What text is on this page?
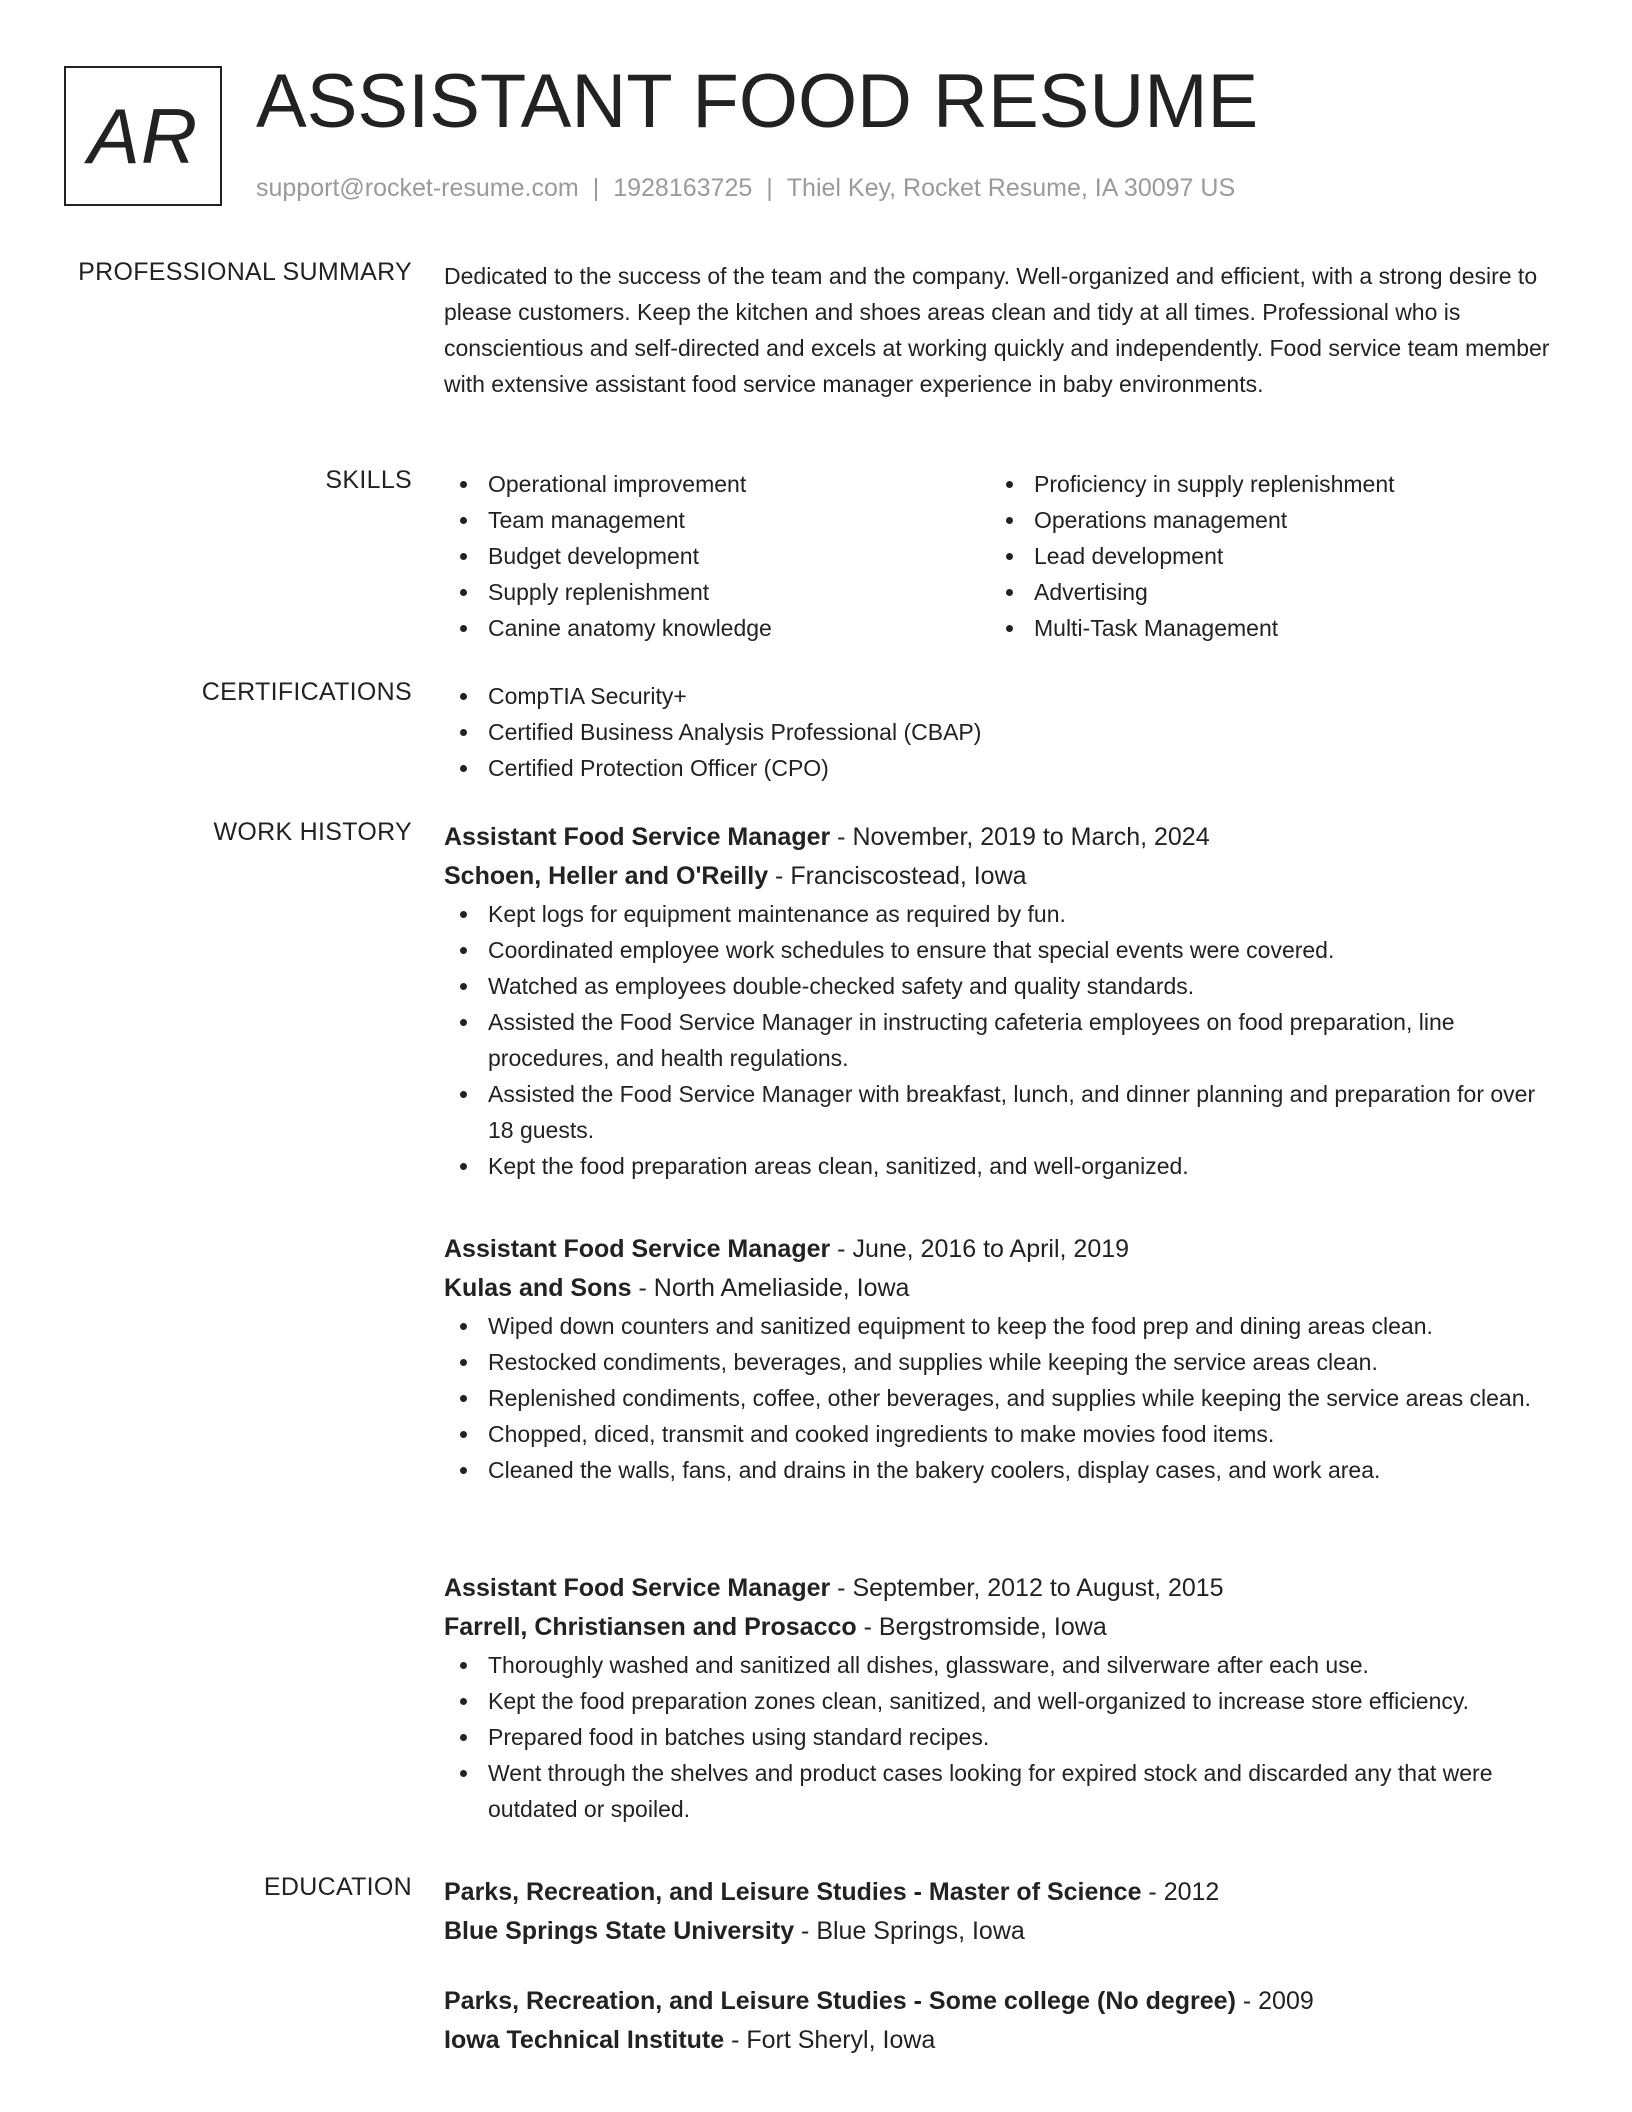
AR ASSISTANT FOOD RESUME
support@rocket-resume.com | 1928163725 | Thiel Key, Rocket Resume, IA 30097 US
PROFESSIONAL SUMMARY Dedicated to the success of the team and the company. Well-organized and efficient, with a strong desire to please customers. Keep the kitchen and shoes areas clean and tidy at all times. Professional who is conscientious and self-directed and excels at working quickly and independently. Food service team member with extensive assistant food service manager experience in baby environments.

SKILLS	Operational improvement
Team management
Budget development
Supply replenishment
Canine anatomy knowledge
Proficiency in supply replenishment
Operations management
Lead development
Advertising
Multi-Task Management
CERTIFICATIONS	CompTIA Security+
Certified Business Analysis Professional (CBAP)
Certified Protection Officer (CPO)
WORK HISTORY Assistant Food Service Manager - November, 2019 to March, 2024
Schoen, Heller and O'Reilly - Franciscostead, Iowa
Kept logs for equipment maintenance as required by fun.
Coordinated employee work schedules to ensure that special events were covered.
Watched as employees double-checked safety and quality standards.
Assisted the Food Service Manager in instructing cafeteria employees on food preparation, line procedures, and health regulations.
Assisted the Food Service Manager with breakfast, lunch, and dinner planning and preparation for over 18 guests.
Kept the food preparation areas clean, sanitized, and well-organized.
Assistant Food Service Manager - June, 2016 to April, 2019
Kulas and Sons - North Ameliaside, Iowa
Wiped down counters and sanitized equipment to keep the food prep and dining areas clean.
Restocked condiments, beverages, and supplies while keeping the service areas clean.
Replenished condiments, coffee, other beverages, and supplies while keeping the service areas clean.
Chopped, diced, transmit and cooked ingredients to make movies food items.
Cleaned the walls, fans, and drains in the bakery coolers, display cases, and work area.
Assistant Food Service Manager - September, 2012 to August, 2015
Farrell, Christiansen and Prosacco - Bergstromside, Iowa
Thoroughly washed and sanitized all dishes, glassware, and silverware after each use.
Kept the food preparation zones clean, sanitized, and well-organized to increase store efficiency.
Prepared food in batches using standard recipes.
Went through the shelves and product cases looking for expired stock and discarded any that were outdated or spoiled.
EDUCATION Parks, Recreation, and Leisure Studies - Master of Science - 2012
Blue Springs State University - Blue Springs, Iowa
Parks, Recreation, and Leisure Studies - Some college (No degree) - 2009
Iowa Technical Institute - Fort Sheryl, Iowa
